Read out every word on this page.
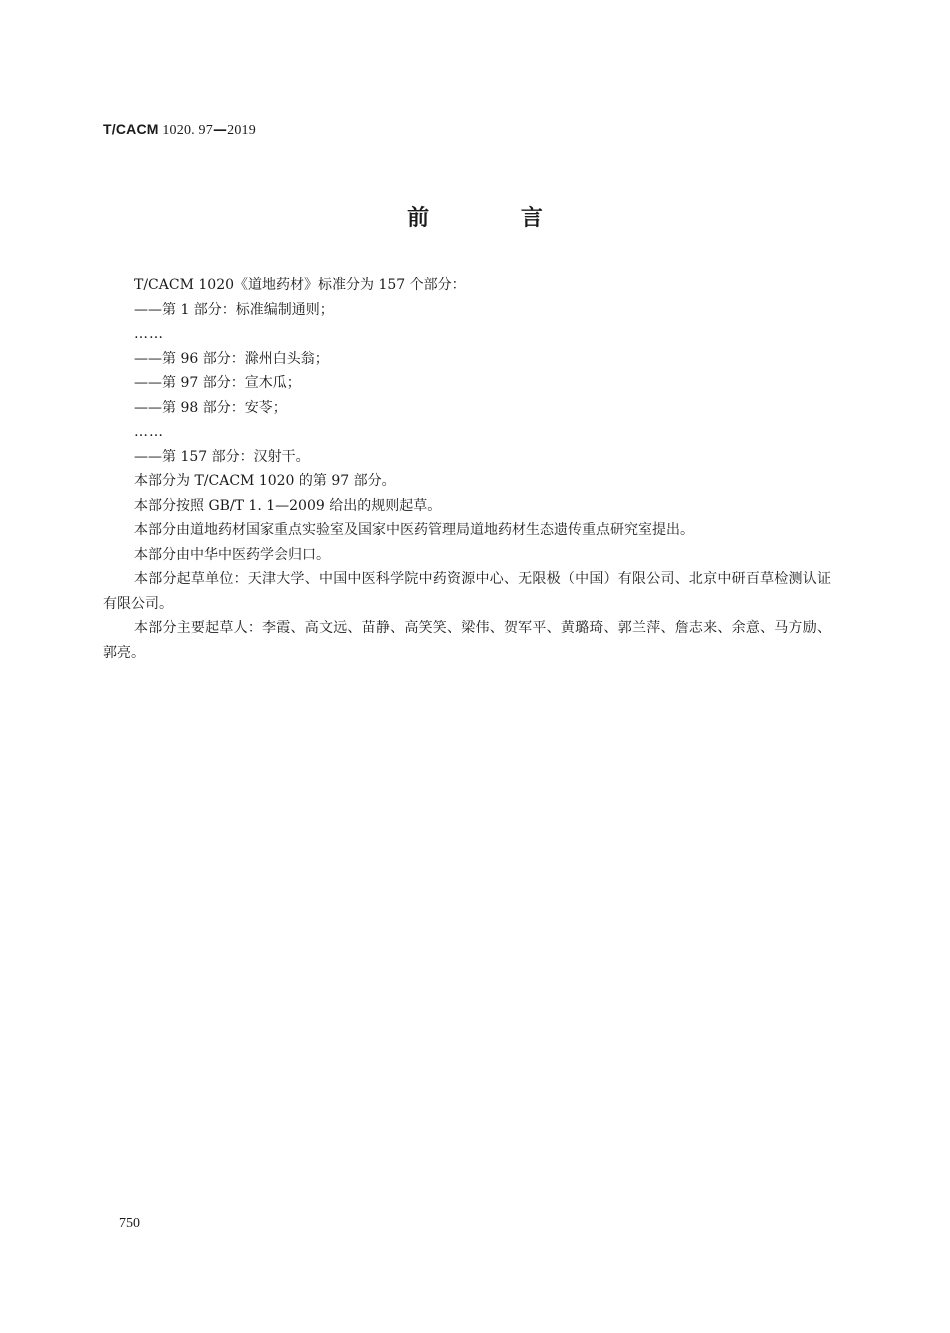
T/CACM 1020. 97—2019
前 言

T/CACM 1020《道地药材》标准分为 157 个部分：

——第 1 部分：标准编制通则；

……

——第 96 部分：滁州白头翁；

——第 97 部分：宣木瓜；

——第 98 部分：安苓；

……

——第 157 部分：汉射干。

本部分为 T/CACM 1020 的第 97 部分。

本部分按照 GB/T 1. 1—2009 给出的规则起草。

本部分由道地药材国家重点实验室及国家中医药管理局道地药材生态遗传重点研究室提出。

本部分由中华中医药学会归口。

本部分起草单位：天津大学、中国中医科学院中药资源中心、无限极（中国）有限公司、北京中研百草检测认证有限公司。

本部分主要起草人：李霞、高文远、苗静、高笑笑、梁伟、贺军平、黄璐琦、郭兰萍、詹志来、余意、马方励、郭亮。

750
